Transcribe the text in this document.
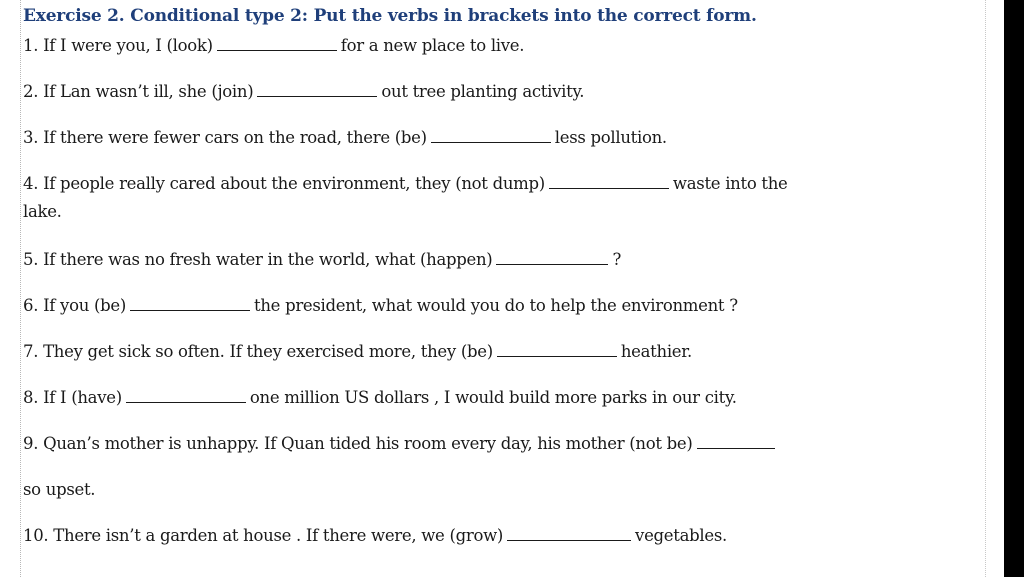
Exercise 2. Conditional type 2: Put the verbs in brackets into the correct form.
1. If I were you, I (look)	for a new place to live.
2. If Lan wasn’t ill, she (join)	out tree planting activity.
3. If there were fewer cars on the road, there (be)	less pollution.
4. If people really cared about the environment, they (not dump)	waste into the
lake.
5. If there was no fresh water in the world, what (happen)	?
6. If you (be)	the president, what would you do to help the environment ?
7. They get sick so often. If they exercised more, they (be)	heathier.
8. If I (have)	one million US dollars , I would build more parks in our city.
9. Quan’s mother is unhappy. If Quan tided his room every day, his mother (not be)
so upset.
10. There isn’t a garden at house . If there were, we (grow)	vegetables.
